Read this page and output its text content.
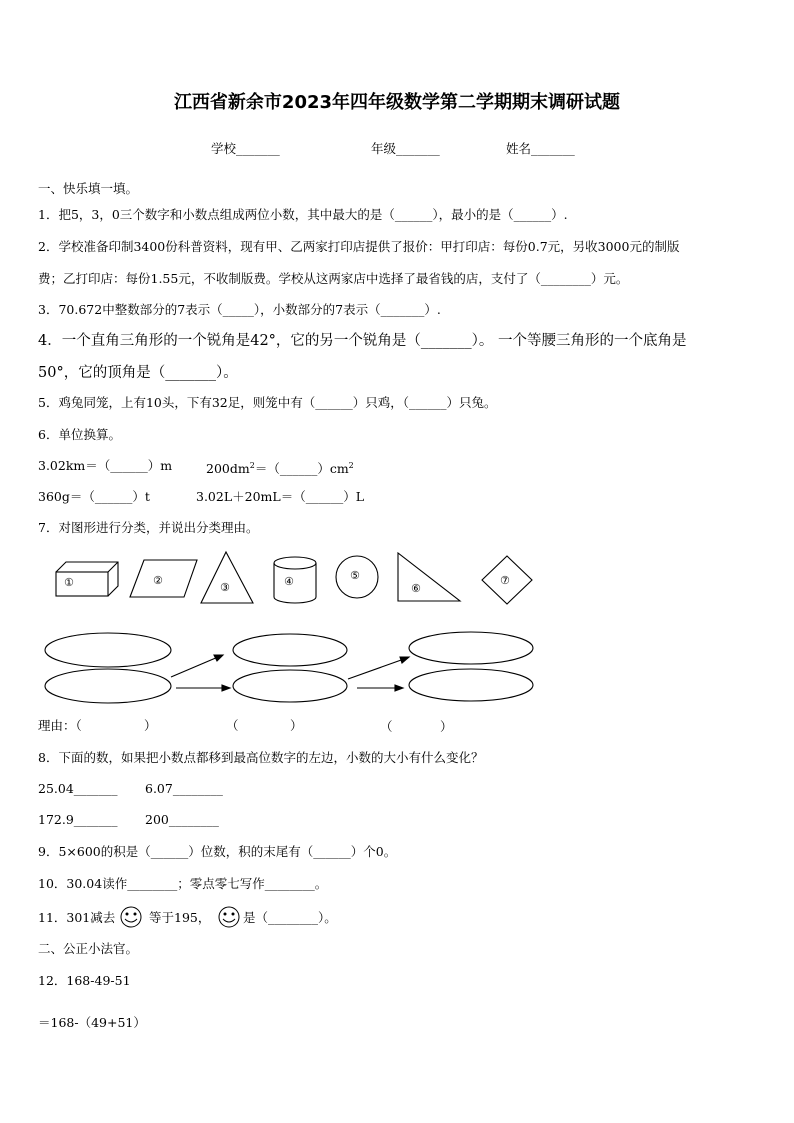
江西省新余市2023年四年级数学第二学期期末调研试题
学校_______	年级_______	姓名_______
一、快乐填一填。
1．把5，3，0三个数字和小数点组成两位小数，其中最大的是（______），最小的是（______）.
2．学校准备印制3400份科普资料，现有甲、乙两家打印店提供了报价：甲打印店：每份0.7元，另收3000元的制版
费；乙打印店：每份1.55元，不收制版费。学校从这两家店中选择了最省钱的店，支付了（________）元。
3．70.672中整数部分的7表示（_____），小数部分的7表示（_______）.
4．一个直角三角形的一个锐角是42°，它的另一个锐角是（_______）。 一个等腰三角形的一个底角是
50°，它的顶角是（_______）。
5．鸡兔同笼，上有10头，下有32足，则笼中有（______）只鸡，（______）只兔。
6．单位换算。
3.02km＝（______）m	$200dm^2=(\_\_\_\_\_\_)cm^2$
360g＝（______）t	3.02L＋20mL＝（______）L
7．对图形进行分类，并说出分类理由。
①	②
③	④	⑤
⑥
⑦
理由：（	）	（	）	（	）
8．下面的数，如果把小数点都移到最高位数字的左边，小数的大小有什么变化？
25.04_______ 6.07________
172.9_______ 200________
9．5×600的积是（______）位数，积的末尾有（______）个0。
10．30.04读作________；零点零七写作________。
11．301减去	等于195，	是（________）。
二、公正小法官。
12．168-49-51
＝168-（49+51）
